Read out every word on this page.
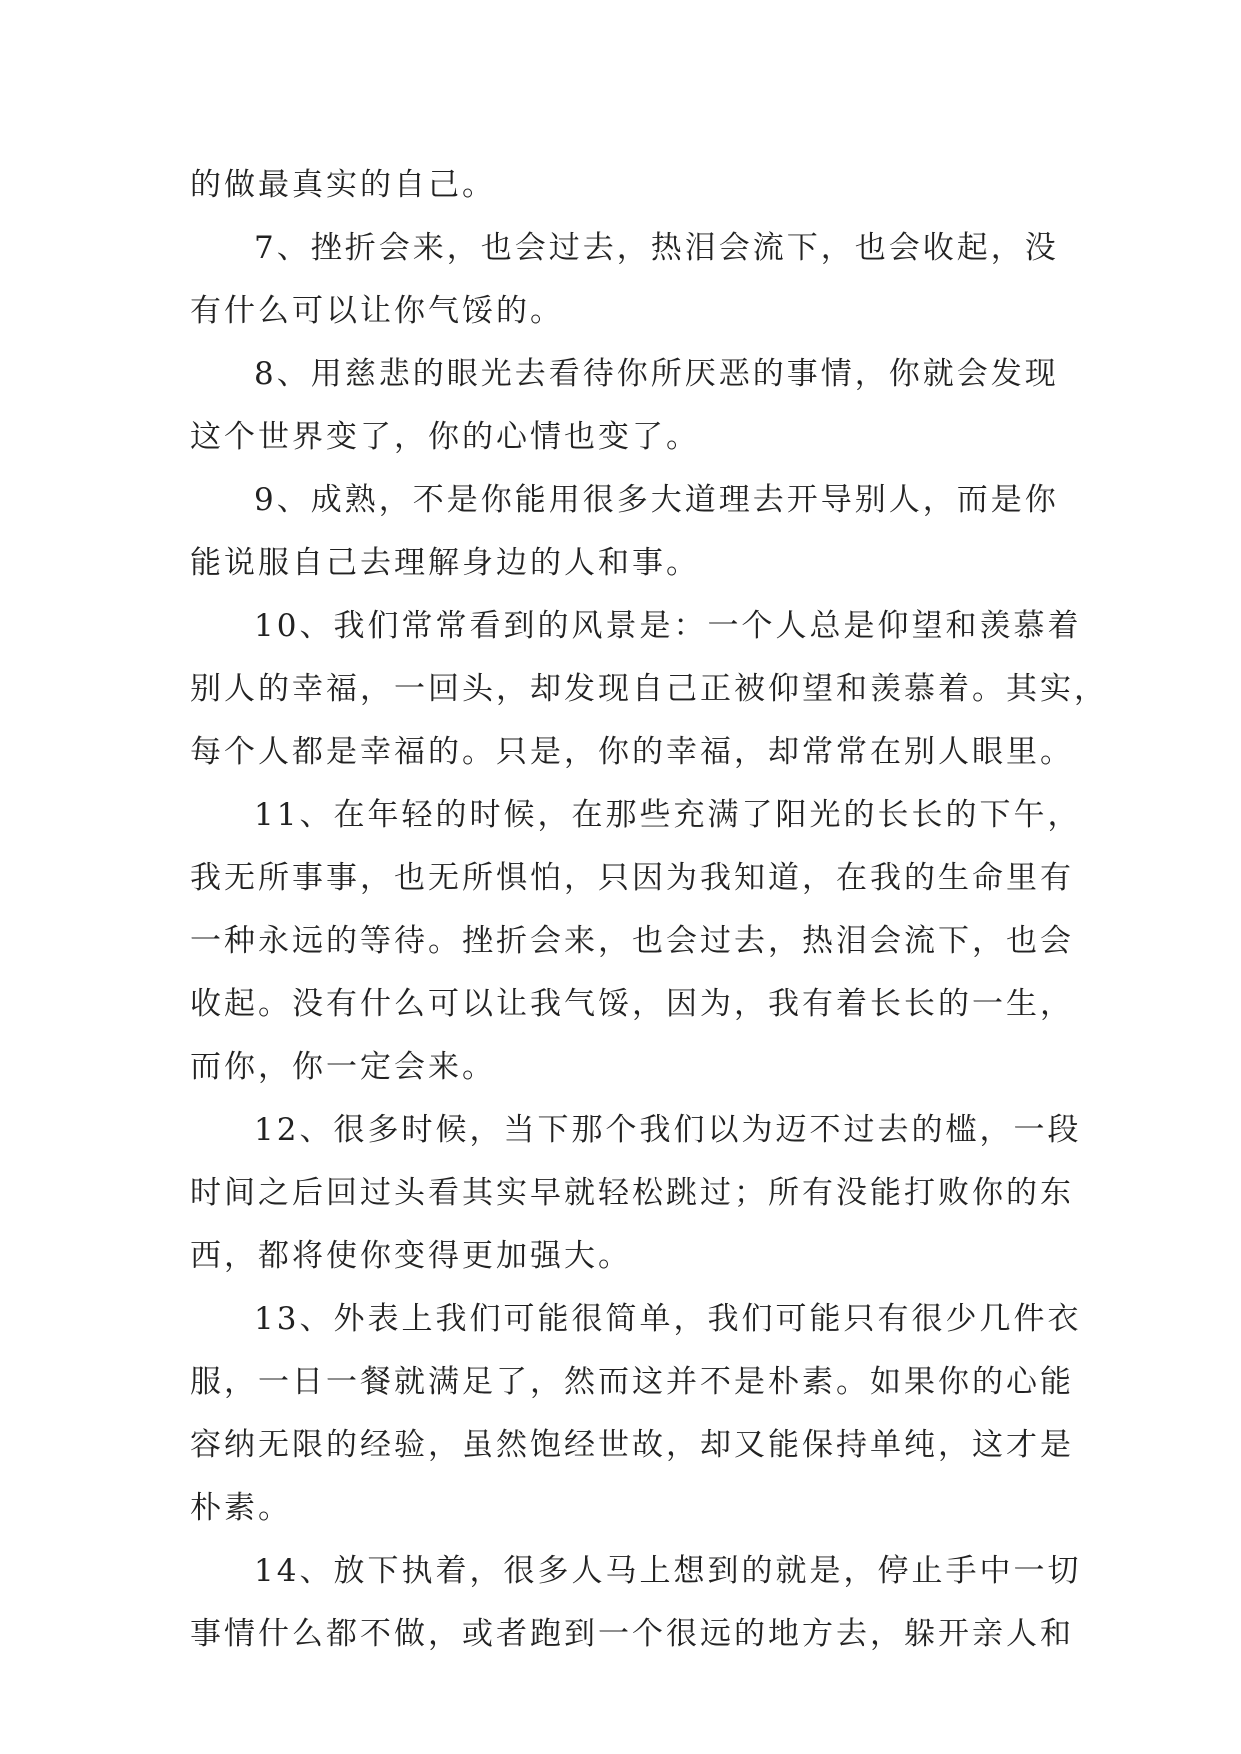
的做最真实的自己。

7、挫折会来，也会过去，热泪会流下，也会收起，没
有什么可以让你气馁的。

8、用慈悲的眼光去看待你所厌恶的事情，你就会发现
这个世界变了，你的心情也变了。

9、成熟，不是你能用很多大道理去开导别人，而是你
能说服自己去理解身边的人和事。

10、我们常常看到的风景是：一个人总是仰望和羡慕着
别人的幸福，一回头，却发现自己正被仰望和羡慕着。其实，
每个人都是幸福的。只是，你的幸福，却常常在别人眼里。

11、在年轻的时候，在那些充满了阳光的长长的下午，
我无所事事，也无所惧怕，只因为我知道，在我的生命里有
一种永远的等待。挫折会来，也会过去，热泪会流下，也会
收起。没有什么可以让我气馁，因为，我有着长长的一生，
而你，你一定会来。

12、很多时候，当下那个我们以为迈不过去的槛，一段
时间之后回过头看其实早就轻松跳过；所有没能打败你的东
西，都将使你变得更加强大。

13、外表上我们可能很简单，我们可能只有很少几件衣
服，一日一餐就满足了，然而这并不是朴素。如果你的心能
容纳无限的经验，虽然饱经世故，却又能保持单纯，这才是
朴素。

14、放下执着，很多人马上想到的就是，停止手中一切
事情什么都不做，或者跑到一个很远的地方去，躲开亲人和
